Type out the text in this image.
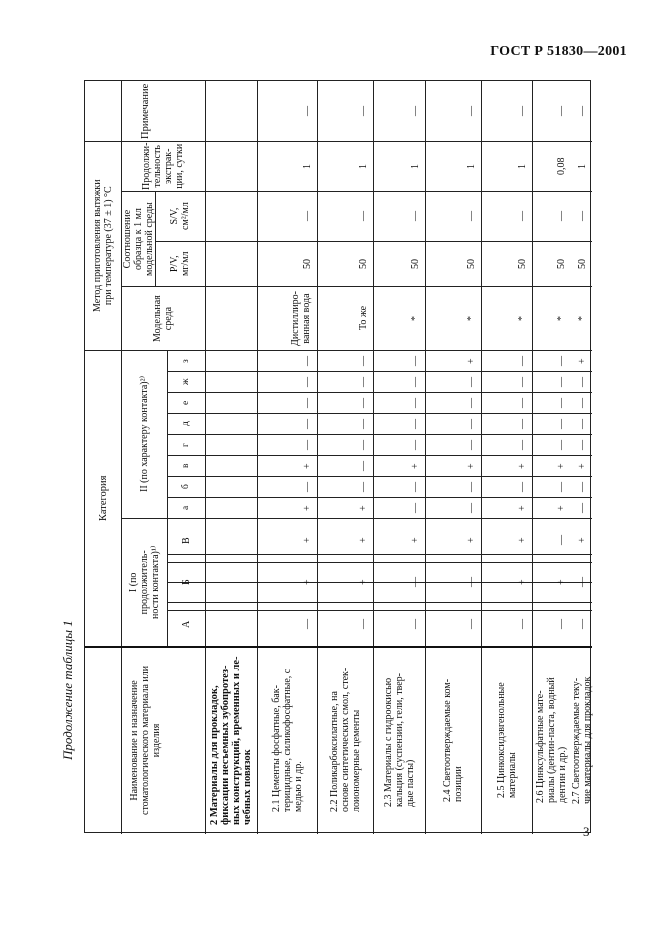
ГОСТ Р 51830—2001
Продолжение таблицы 1
3
Наименование и назначение стоматологического материала или изделия
Категория
I (по продолжитель- ности контакта)¹⁾
II (по характеру контакта)²⁾
А
Б
В
а
б
в
г
д
е
ж
з
Метод приготовления вытяжки при температуре (37 ± 1) °С
Модельная среда
Соотношение образца к 1 мл модельной среды P/V, мг/мл
S/V, см²/мл
Продолжи- тельность экстрак- ции, сутки
Примечание
2 Материалы для прокладок, фиксации несъемных зубопротез- ных конструкций, временных и ле- чебных повязок 2.1 Цементы фосфатные, бак- терицидные, силикофосфатные, с медью и др.
—
+
+
+
—
+
—
—
—
—
—
Дистиллиро- ванная вода
50
—
1
—
2.2 Поликарбоксилатные, на основе синтетических смол, стек- лоиономерные цементы
—
+
+
+
—
—
—
—
—
—
—
То же
50
—
1
—
2.3 Материалы с гидроокисью кальция (суспензии, гели, твер- дые пасты)
—
—
+
—
—
+
—
—
—
—
—
*
50
—
1
—
2.4 Светоотверждаемые ком- позиции
—
—
+
—
—
+
—
—
—
—
+
*
50
—
1
—
2.5 Цинкоксидэвгенольные материалы
—
+
+
+
—
+
—
—
—
—
—
*
50
—
1
—
2.6 Цинксульфатные мате- риалы (дентин-паста, водный дентин и др.)
—
+
—
+
—
+
—
—
—
—
—
*
50
—
0,08
—
2.7 Светоотверждаемые теку- чие материалы для прокладок
—
—
+
—
—
+
—
—
—
—
+
*
50
—
1
—
